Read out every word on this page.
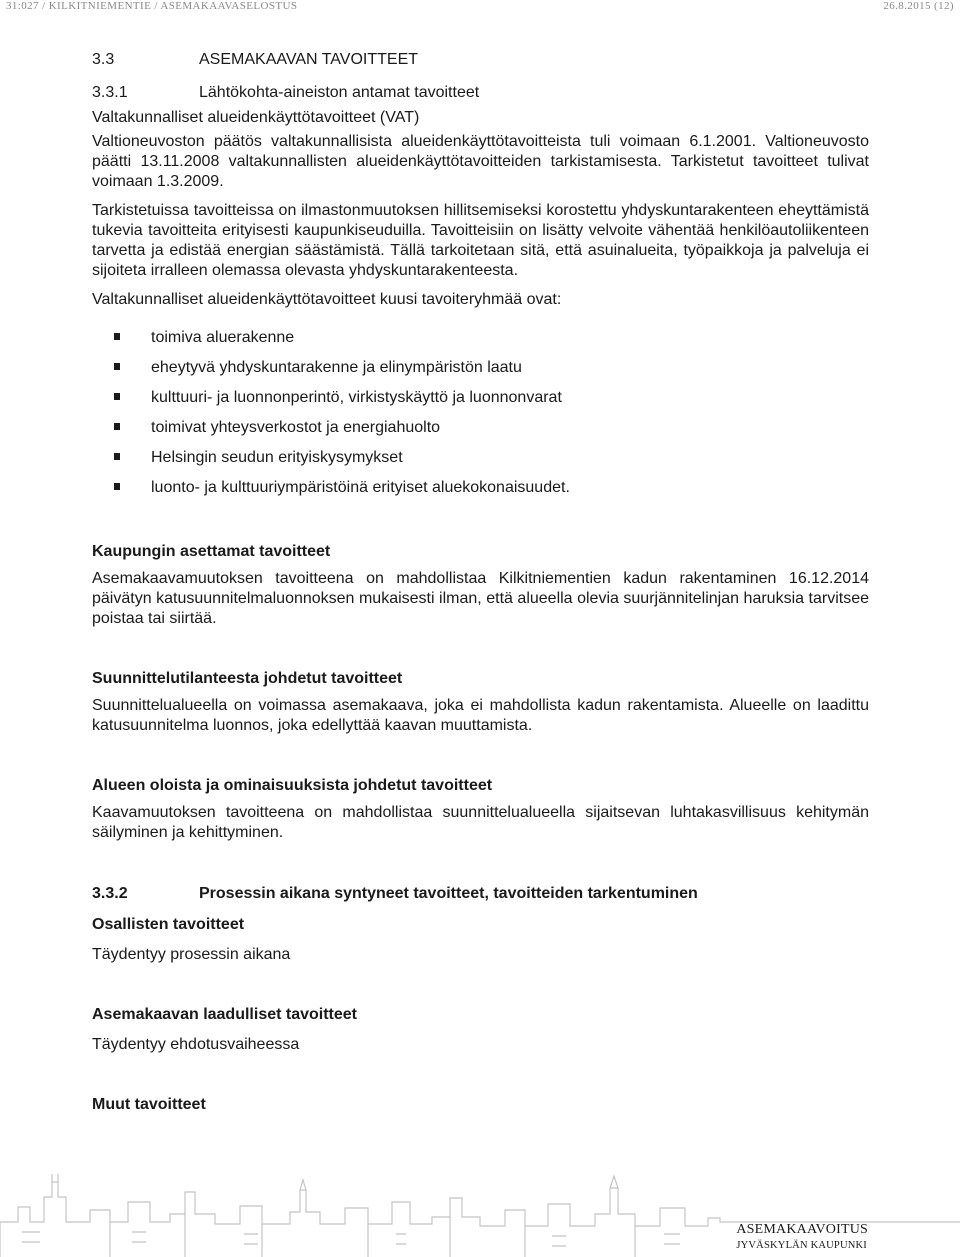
31:027 / KILKITNIEMENTIE / ASEMAKAAVASELOSTUS	26.8.2015 (12)
3.3	ASEMAKAAVAN TAVOITTEET
3.3.1	Lähtökohta-aineiston antamat tavoitteet
Valtakunnalliset alueidenkäyttötavoitteet (VAT)

Valtioneuvoston päätös valtakunnallisista alueidenkäyttötavoitteista tuli voimaan 6.1.2001. Valtioneuvosto päätti 13.11.2008 valtakunnallisten alueidenkäyttötavoitteiden tarkistamisesta. Tarkistetut tavoitteet tulivat voimaan 1.3.2009.

Tarkistetuissa tavoitteissa on ilmastonmuutoksen hillitsemiseksi korostettu yhdyskuntarakenteen eheyttämistä tukevia tavoitteita erityisesti kaupunkiseuduilla. Tavoitteisiin on lisätty velvoite vähentää henkilöautoliikenteen tarvetta ja edistää energian säästämistä. Tällä tarkoitetaan sitä, että asuinalueita, työpaikkoja ja palveluja ei sijoiteta irralleen olemassa olevasta yhdyskuntarakenteesta.

Valtakunnalliset alueidenkäyttötavoitteet kuusi tavoiteryhmää ovat:

toimiva aluerakenne
eheytyvä yhdyskuntarakenne ja elinympäristön laatu
kulttuuri- ja luonnonperintö, virkistyskäyttö ja luonnonvarat
toimivat yhteysverkostot ja energiahuolto
Helsingin seudun erityiskysymykset
luonto- ja kulttuuriympäristöinä erityiset aluekokonaisuudet.
Kaupungin asettamat tavoitteet

Asemakaavamuutoksen tavoitteena on mahdollistaa Kilkitniementien kadun rakentaminen 16.12.2014 päivätyn katusuunnitelmaluonnoksen mukaisesti ilman, että alueella olevia suurjännitelinjan haruksia tarvitsee poistaa tai siirtää.

Suunnittelutilanteesta johdetut tavoitteet

Suunnittelualueella on voimassa asemakaava, joka ei mahdollista kadun rakentamista. Alueelle on laadittu katusuunnitelma luonnos, joka edellyttää kaavan muuttamista.

Alueen oloista ja ominaisuuksista johdetut tavoitteet

Kaavamuutoksen tavoitteena on mahdollistaa suunnittelualueella sijaitsevan luhtakasvillisuus kehitymän säilyminen ja kehittyminen.

3.3.2	Prosessin aikana syntyneet tavoitteet, tavoitteiden tarkentuminen
Osallisten tavoitteet

Täydentyy prosessin aikana

Asemakaavan laadulliset tavoitteet

Täydentyy ehdotusvaiheessa

Muut tavoitteet
ASEMAKAAVOITUS
JYVÄSKYLÄN KAUPUNKI
